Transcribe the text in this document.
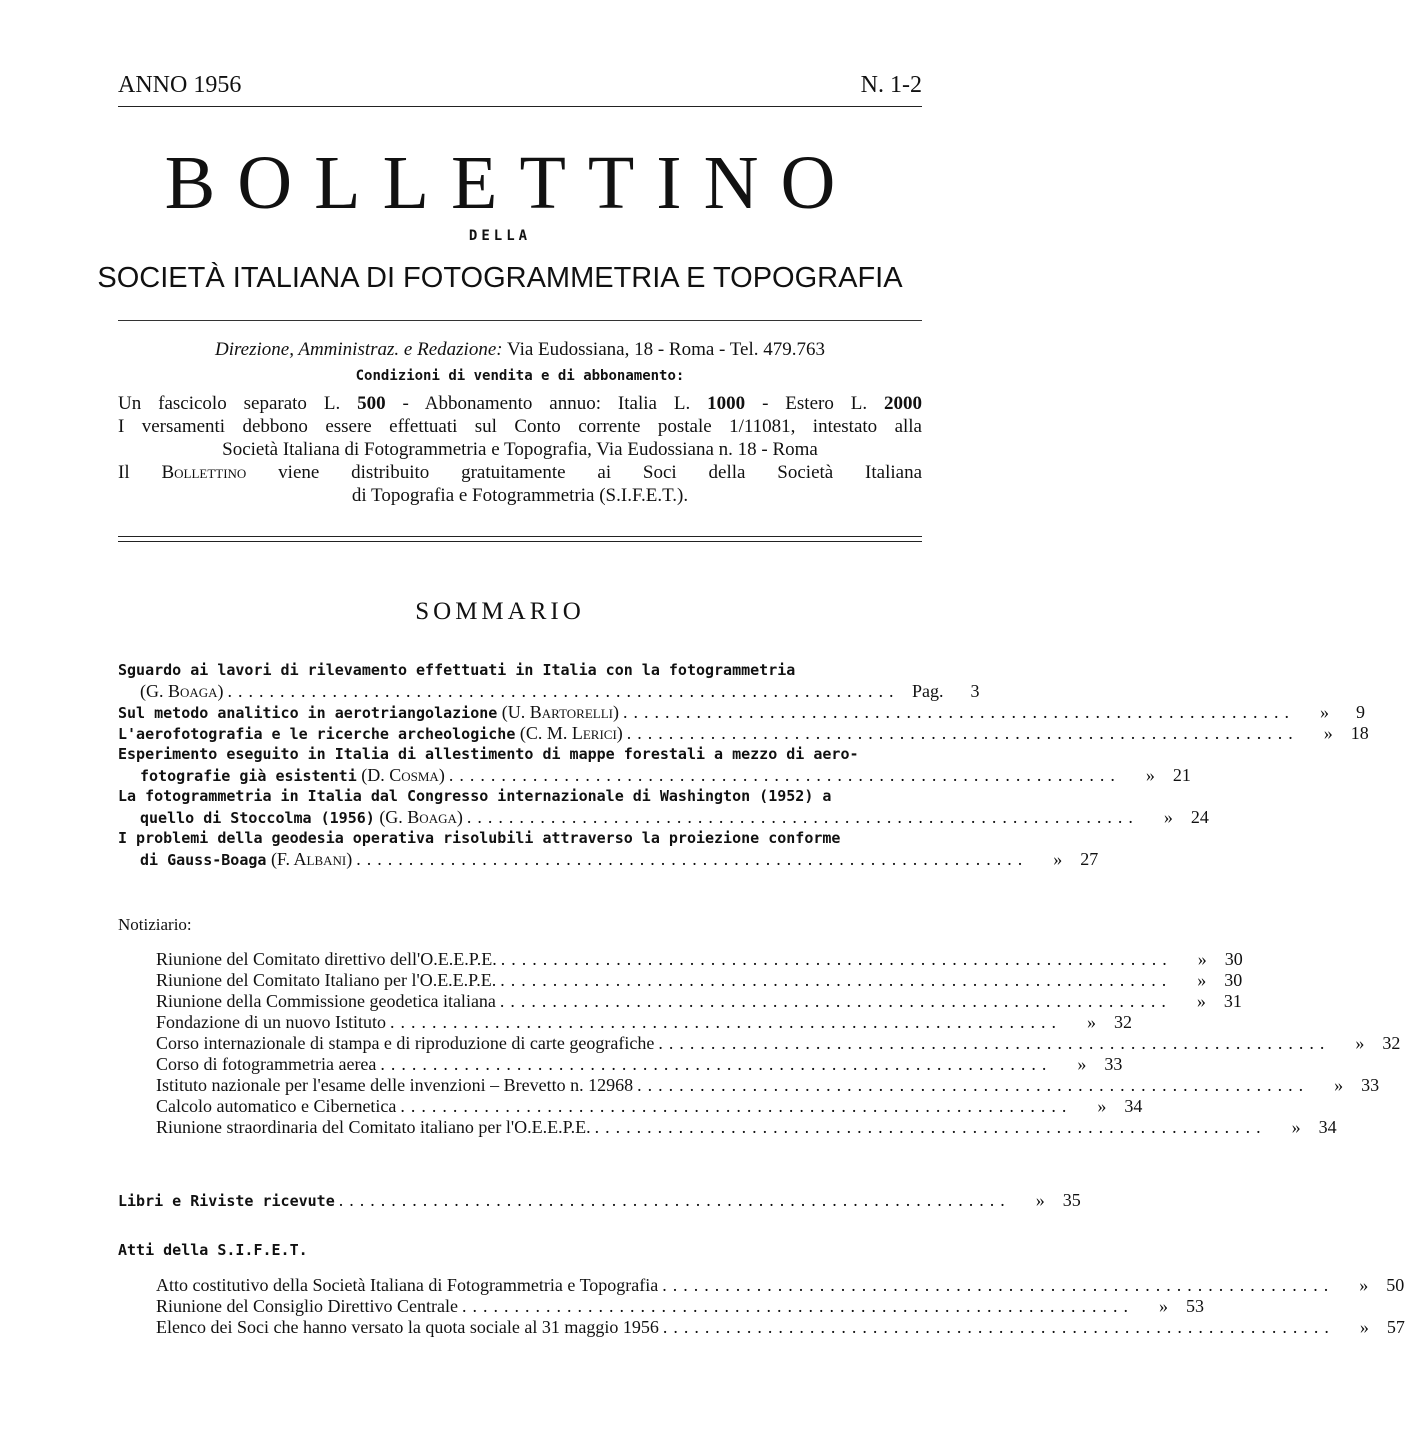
ANNO 1956	N. 1-2
BOLLETTINO
DELLA
SOCIETÀ ITALIANA DI FOTOGRAMMETRIA E TOPOGRAFIA
Direzione, Amministraz. e Redazione: Via Eudossiana, 18 - Roma - Tel. 479.763
Condizioni di vendita e di abbonamento:
Un fascicolo separato L. 500 - Abbonamento annuo: Italia L. 1000 - Estero L. 2000
I versamenti debbono essere effettuati sul Conto corrente postale 1/11081, intestato alla
Società Italiana di Fotogrammetria e Topografia, Via Eudossiana n. 18 - Roma
Il Bollettino viene distribuito gratuitamente ai Soci della Società Italiana
di Topografia e Fotogrammetria (S.I.F.E.T.).
SOMMARIO
Sguardo ai lavori di rilevamento effettuati in Italia con la fotogrammetria
(G. Boaga) ................................................................ Pag.	3
Sul metodo analitico in aerotriangolazione
(U. Bartorelli) ................................................................	»	9
L'aerofotografia e le ricerche archeologiche
(C. M. Lerici) ................................................................	»	18
Esperimento eseguito in Italia di allestimento di mappe forestali a mezzo di aero-
fotografie già esistenti
(D. Cosma) ................................................................	»	21
La fotogrammetria in Italia dal Congresso internazionale di Washington (1952) a
quello di Stoccolma (1956)
(G. Boaga) ................................................................	»	24
I problemi della geodesia operativa risolubili attraverso la proiezione conforme
di Gauss-Boaga
(F. Albani) ................................................................	»	27
Notiziario:
Riunione del Comitato direttivo dell'O.E.E.P.E. ................................................................	»	30
Riunione del Comitato Italiano per l'O.E.E.P.E. ................................................................	»	30
Riunione della Commissione geodetica italiana ................................................................	»	31
Fondazione di un nuovo Istituto ................................................................	»	32
Corso internazionale di stampa e di riproduzione di carte geografiche ................................................................	»	32
Corso di fotogrammetria aerea ................................................................	»	33
Istituto nazionale per l'esame delle invenzioni – Brevetto n. 12968 ................................................................	»	33
Calcolo automatico e Cibernetica ................................................................	»	34
Riunione straordinaria del Comitato italiano per l'O.E.E.P.E. ................................................................	»	34
Libri e Riviste ricevute ................................................................	»	35
Atti della S.I.F.E.T.
Atto costitutivo della Società Italiana di Fotogrammetria e Topografia ................................................................	»	50
Riunione del Consiglio Direttivo Centrale ................................................................	»	53
Elenco dei Soci che hanno versato la quota sociale al 31 maggio 1956 ................................................................	»	57
